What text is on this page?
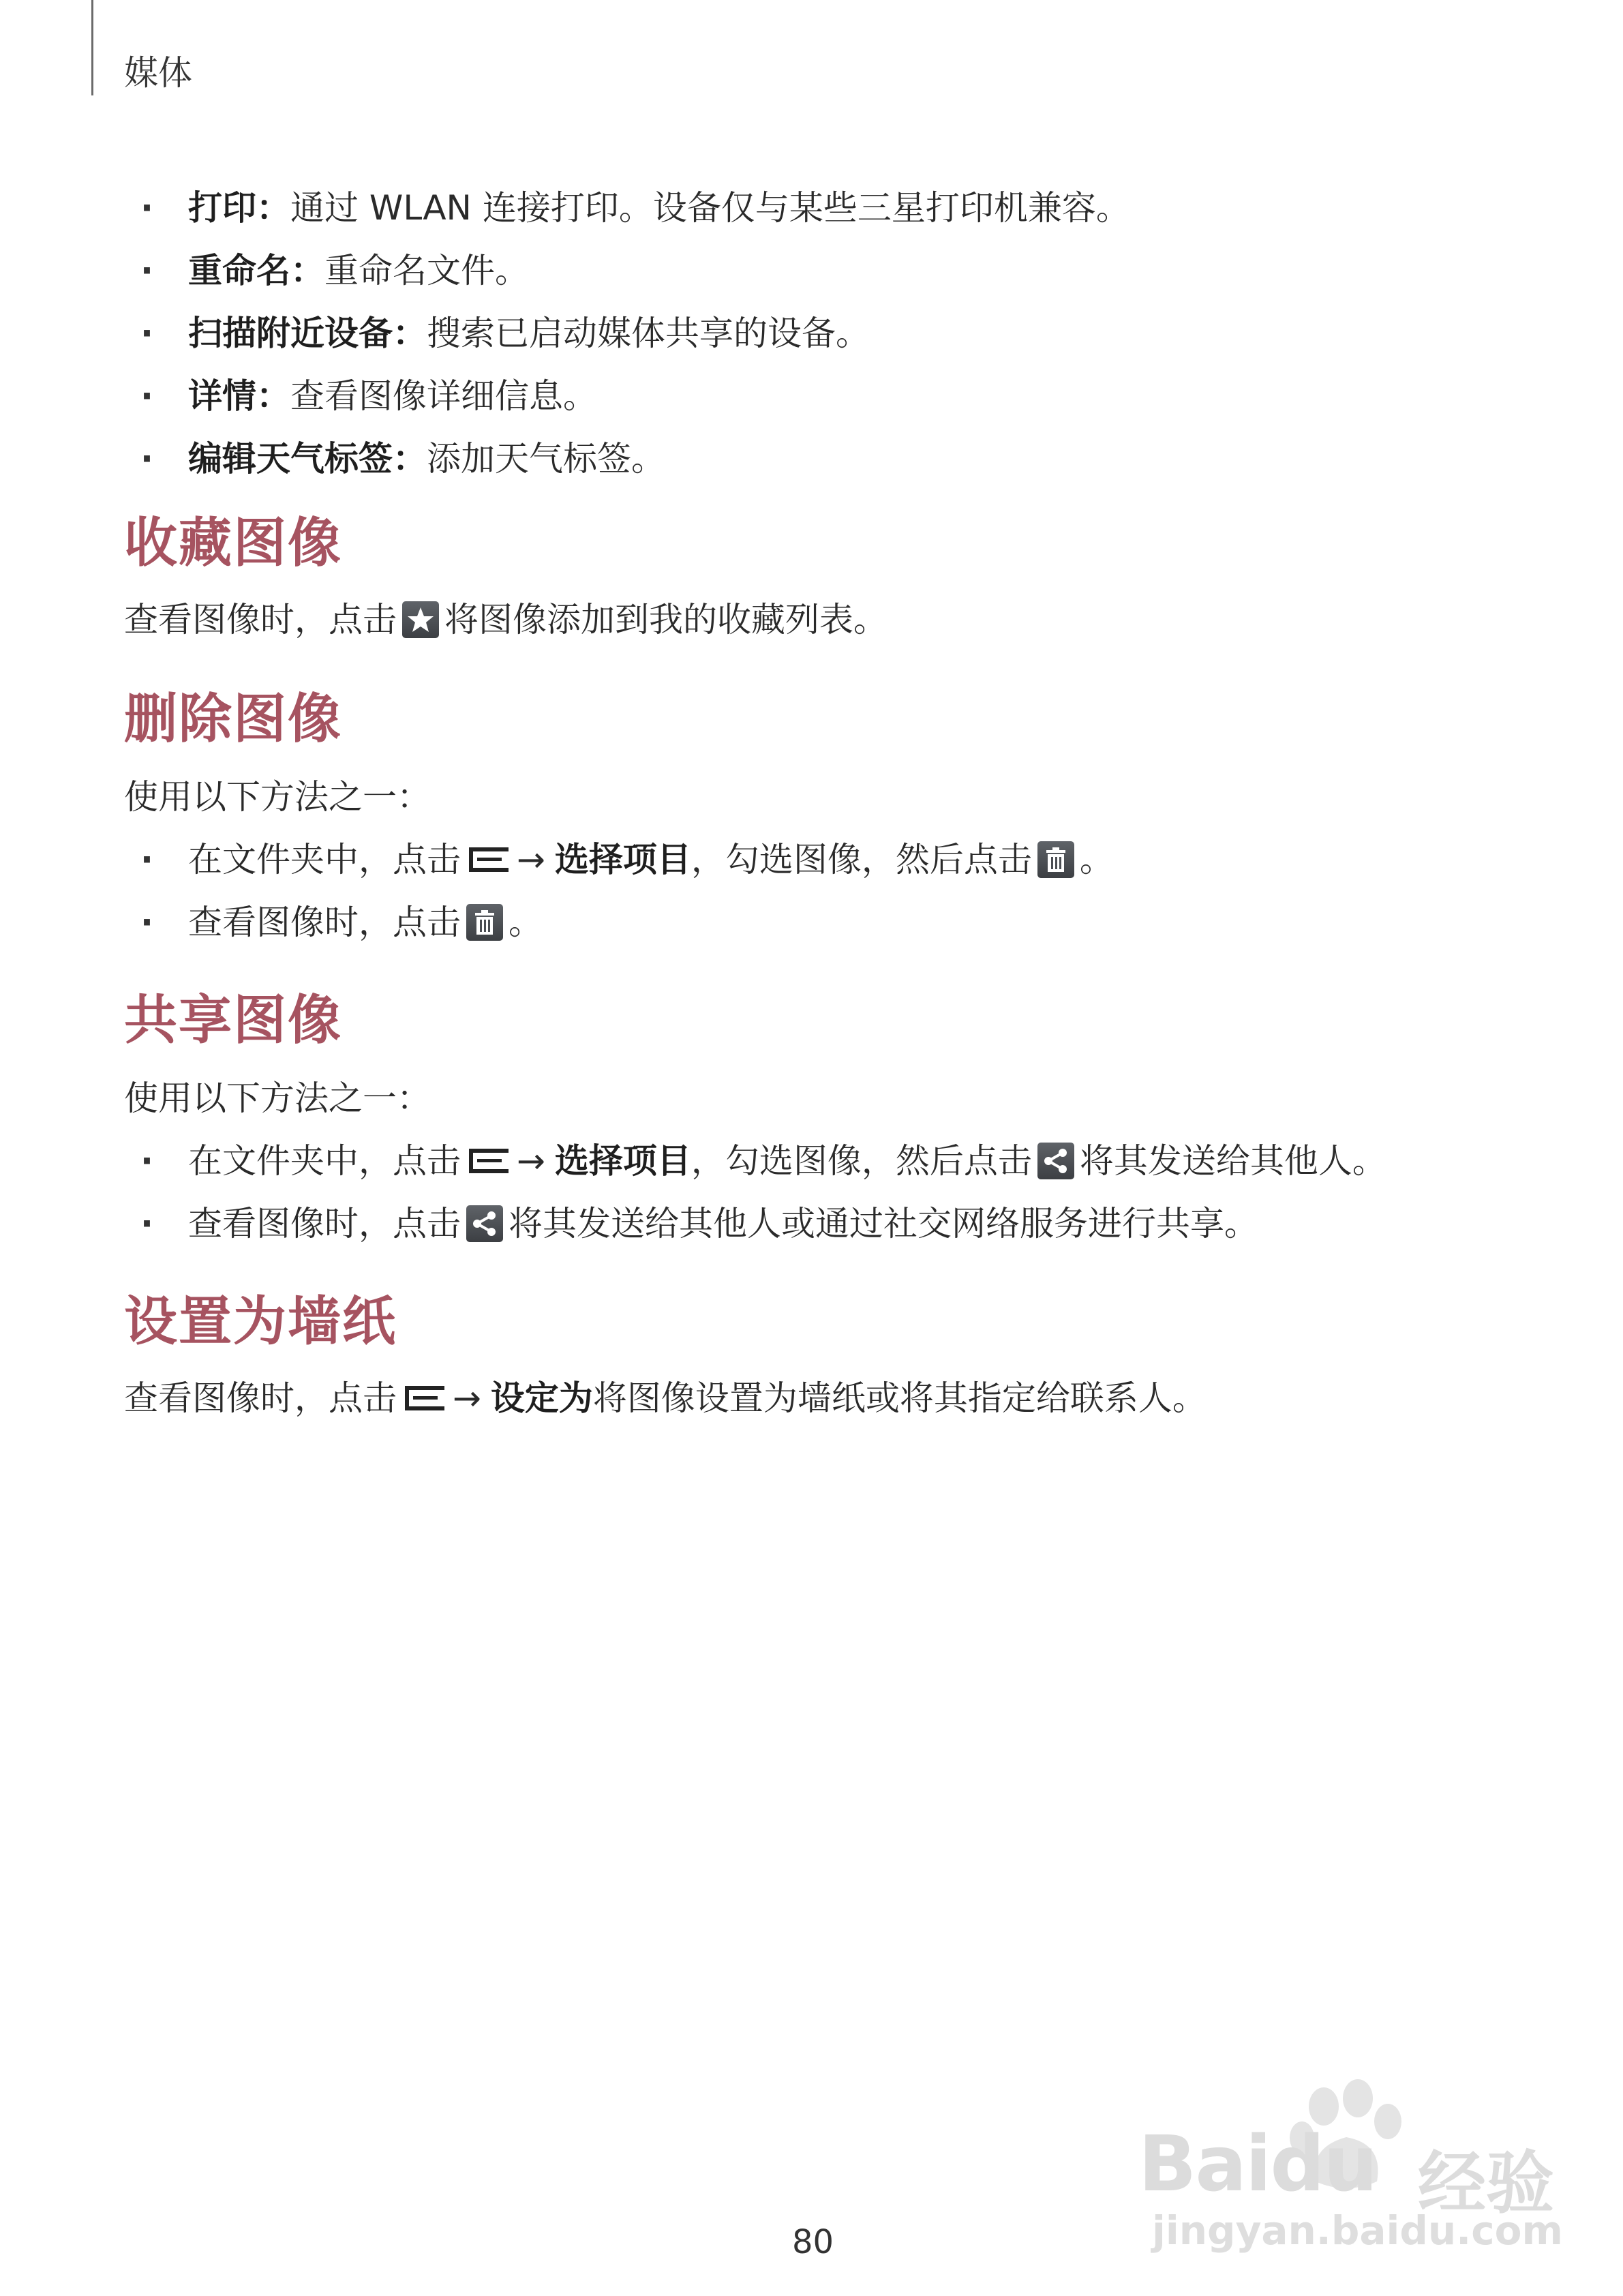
媒体
· 打印：通过 WLAN 连接打印。设备仅与某些三星打印机兼容。
· 重命名：重命名文件。
· 扫描附近设备：搜索已启动媒体共享的设备。
· 详情：查看图像详细信息。
· 编辑天气标签：添加天气标签。
收藏图像

查看图像时，点击 将图像添加到我的收藏列表。

删除图像

使用以下方法之一：

· 在文件夹中，点击 → 选择项目，勾选图像，然后点击 。
· 查看图像时，点击 。
共享图像

使用以下方法之一：

· 在文件夹中，点击 → 选择项目，勾选图像，然后点击 将其发送给其他人。
· 查看图像时，点击 将其发送给其他人或通过社交网络服务进行共享。
设置为墙纸

查看图像时，点击 → 设定为将图像设置为墙纸或将其指定给联系人。

Baidu 经验
jingyan.baidu.com
80
